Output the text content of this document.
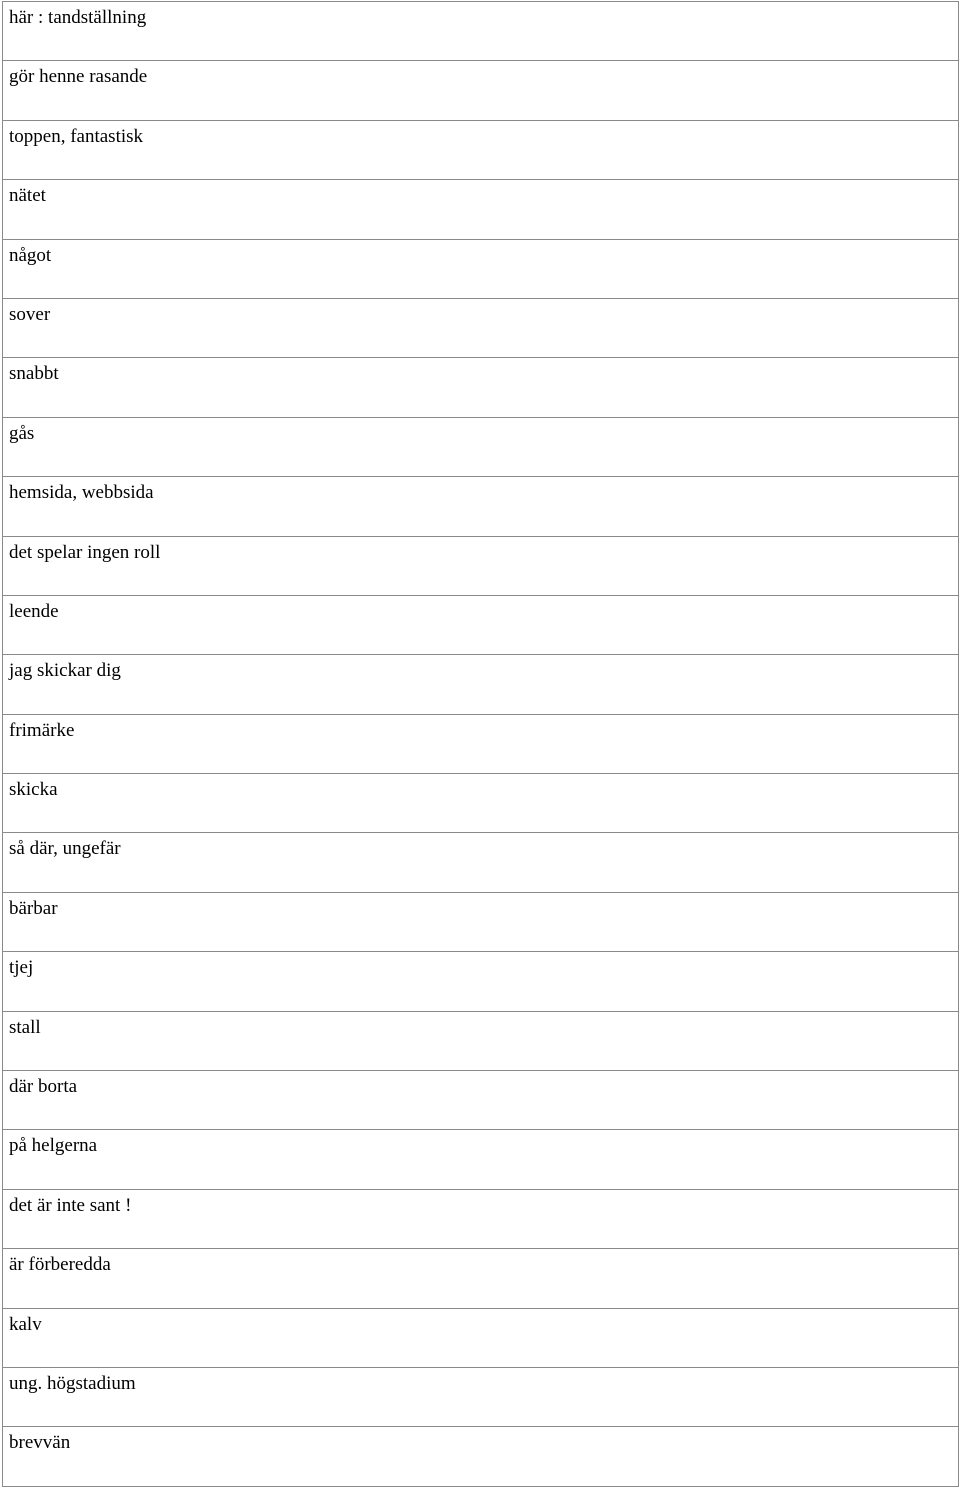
här : tandställning
gör henne rasande
toppen, fantastisk
nätet
något
sover
snabbt
gås
hemsida, webbsida
det spelar ingen roll
leende
jag skickar dig
frimärke
skicka
så där, ungefär
bärbar
tjej
stall
där borta
på helgerna
det är inte sant !
är förberedda
kalv
ung. högstadium
brevvän
